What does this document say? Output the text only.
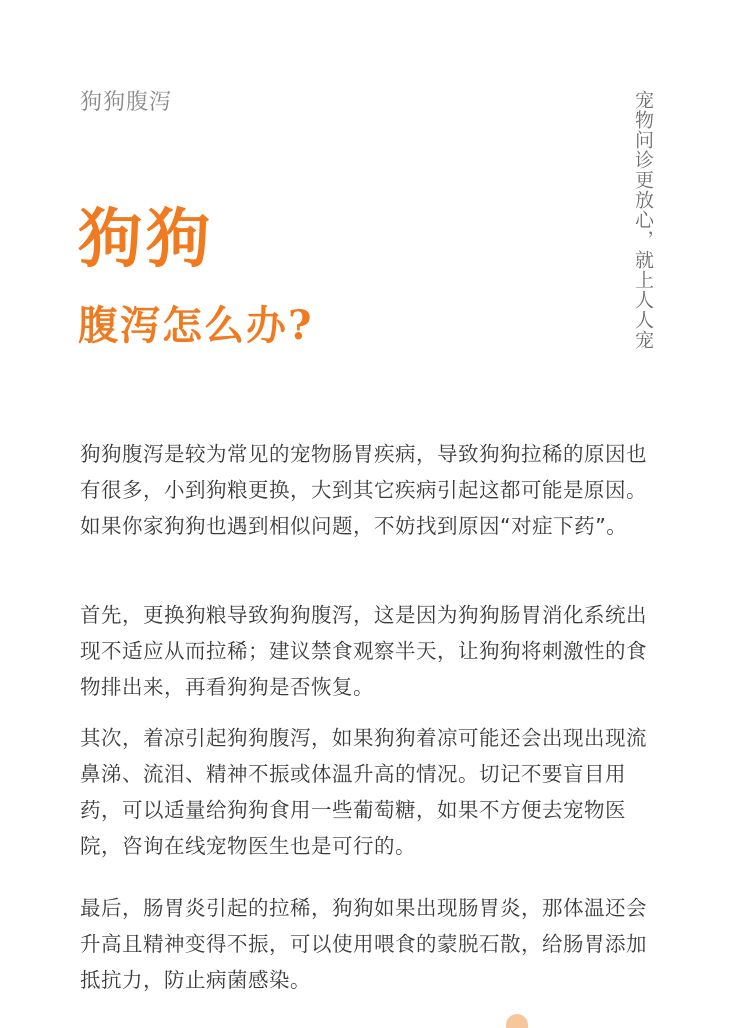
狗狗腹泻	宠物问诊更放心，就上人人宠
狗狗
腹泻怎么办?

狗狗腹泻是较为常见的宠物肠胃疾病，导致狗狗拉稀的原因也有很多，小到狗粮更换，大到其它疾病引起这都可能是原因。如果你家狗狗也遇到相似问题，不妨找到原因“对症下药”。

首先，更换狗粮导致狗狗腹泻，这是因为狗狗肠胃消化系统出现不适应从而拉稀；建议禁食观察半天，让狗狗将刺激性的食物排出来，再看狗狗是否恢复。

其次，着凉引起狗狗腹泻，如果狗狗着凉可能还会出现出现流鼻涕、流泪、精神不振或体温升高的情况。切记不要盲目用药，可以适量给狗狗食用一些葡萄糖，如果不方便去宠物医院，咨询在线宠物医生也是可行的。

最后，肠胃炎引起的拉稀，狗狗如果出现肠胃炎，那体温还会升高且精神变得不振，可以使用喂食的蒙脱石散，给肠胃添加抵抗力，防止病菌感染。
